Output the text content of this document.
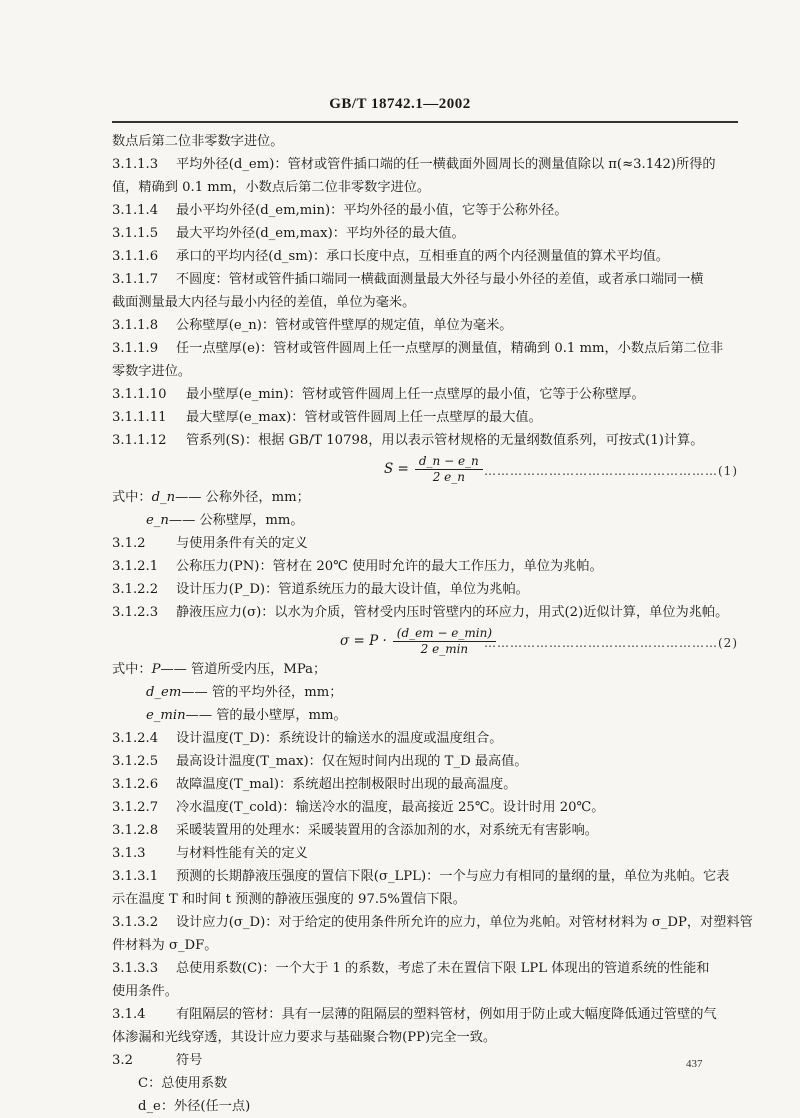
GB/T 18742.1—2002
数点后第二位非零数字进位。
3.1.1.3 平均外径(d_em)：管材或管件插口端的任一横截面外圆周长的测量值除以 π(≈3.142)所得的
值，精确到 0.1 mm，小数点后第二位非零数字进位。
3.1.1.4 最小平均外径(d_em,min)：平均外径的最小值，它等于公称外径。
3.1.1.5 最大平均外径(d_em,max)：平均外径的最大值。
3.1.1.6 承口的平均内径(d_sm)：承口长度中点，互相垂直的两个内径测量值的算术平均值。
3.1.1.7 不圆度：管材或管件插口端同一横截面测量最大外径与最小外径的差值，或者承口端同一横
截面测量最大内径与最小内径的差值，单位为毫米。
3.1.1.8 公称壁厚(e_n)：管材或管件壁厚的规定值，单位为毫米。
3.1.1.9 任一点壁厚(e)：管材或管件圆周上任一点壁厚的测量值，精确到 0.1 mm，小数点后第二位非
零数字进位。
3.1.1.10 最小壁厚(e_min)：管材或管件圆周上任一点壁厚的最小值，它等于公称壁厚。
3.1.1.11 最大壁厚(e_max)：管材或管件圆周上任一点壁厚的最大值。
3.1.1.12 管系列(S)：根据 GB/T 10798，用以表示管材规格的无量纲数值系列，可按式(1)计算。
$S = \frac{d\_n - e\_n}{2 e\_n}$ ………………………………………………(1)
式中：d_n—— 公称外径，mm；
e_n—— 公称壁厚，mm。
3.1.2 与使用条件有关的定义
3.1.2.1 公称压力(PN)：管材在 20℃ 使用时允许的最大工作压力，单位为兆帕。
3.1.2.2 设计压力(P_D)：管道系统压力的最大设计值，单位为兆帕。
3.1.2.3 静液压应力(σ)：以水为介质，管材受内压时管壁内的环应力，用式(2)近似计算，单位为兆帕。
$\sigma = P \cdot \frac{(d\_em - e\_\min)}{2 e\_\min}$
………………………………………………(2)
式中：P—— 管道所受内压，MPa；
d_em—— 管的平均外径，mm；
e_min—— 管的最小壁厚，mm。
3.1.2.4 设计温度(T_D)：系统设计的输送水的温度或温度组合。
3.1.2.5 最高设计温度(T_max)：仅在短时间内出现的 T_D 最高值。
3.1.2.6 故障温度(T_mal)：系统超出控制极限时出现的最高温度。
3.1.2.7 冷水温度(T_cold)：输送冷水的温度，最高接近 25℃。设计时用 20℃。
3.1.2.8 采暖装置用的处理水：采暖装置用的含添加剂的水，对系统无有害影响。
3.1.3 与材料性能有关的定义
3.1.3.1 预测的长期静液压强度的置信下限(σ_LPL)：一个与应力有相同的量纲的量，单位为兆帕。它表
示在温度 T 和时间 t 预测的静液压强度的 97.5%置信下限。
3.1.3.2 设计应力(σ_D)：对于给定的使用条件所允许的应力，单位为兆帕。对管材材料为 σ_DP，对塑料管
件材料为 σ_DF。
3.1.3.3 总使用系数(C)：一个大于 1 的系数，考虑了未在置信下限 LPL 体现出的管道系统的性能和
使用条件。
3.1.4 有阻隔层的管材：具有一层薄的阻隔层的塑料管材，例如用于防止或大幅度降低通过管壁的气
体渗漏和光线穿透，其设计应力要求与基础聚合物(PP)完全一致。
3.2	符号
C：总使用系数
d_e：外径(任一点)
437
